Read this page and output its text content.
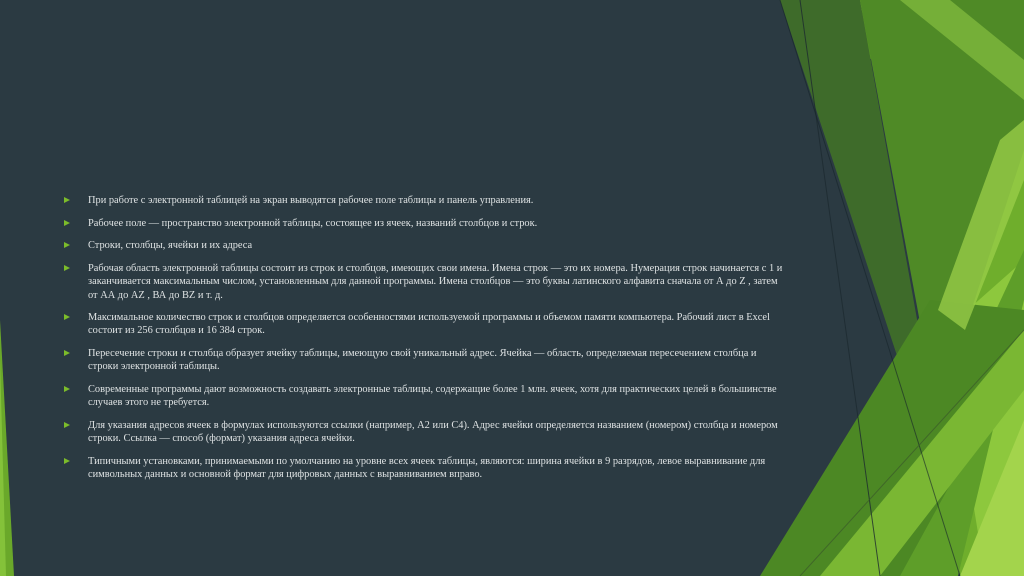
При работе с электронной таблицей на экран выводятся рабочее поле таблицы и панель управления.
Рабочее поле — пространство электронной таблицы, состоящее из ячеек, названий столбцов и строк.
Строки, столбцы, ячейки и их адреса
Рабочая область электронной таблицы состоит из строк и столбцов, имеющих свои имена. Имена строк — это их номера. Нумерация строк начинается с 1 и заканчивается максимальным числом, установленным для данной программы. Имена столбцов — это буквы латинского алфавита сначала от А до Z , затем от АА до AZ , ВА до BZ и т. д.
Максимальное количество строк и столбцов определяется особенностями используемой программы и объемом памяти компьютера. Рабочий лист в Excel состоит из 256 столбцов и 16 384 строк.
Пересечение строки и столбца образует ячейку таблицы, имеющую свой уникальный адрес. Ячейка — область, определяемая пересечением столбца и строки электронной таблицы.
Современные программы дают возможность создавать электронные таблицы, содержащие более 1 млн. ячеек, хотя для практических целей в большинстве случаев этого не требуется.
Для указания адресов ячеек в формулах используются ссылки (например, А2 или С4). Адрес ячейки определяется названием (номером) столбца и номером строки. Ссылка — способ (формат) указания адреса ячейки.
Типичными установками, принимаемыми по умолчанию на уровне всех ячеек таблицы, являются: ширина ячейки в 9 разрядов, левое выравнивание для символьных данных и основной формат для цифровых данных с выравниванием вправо.
